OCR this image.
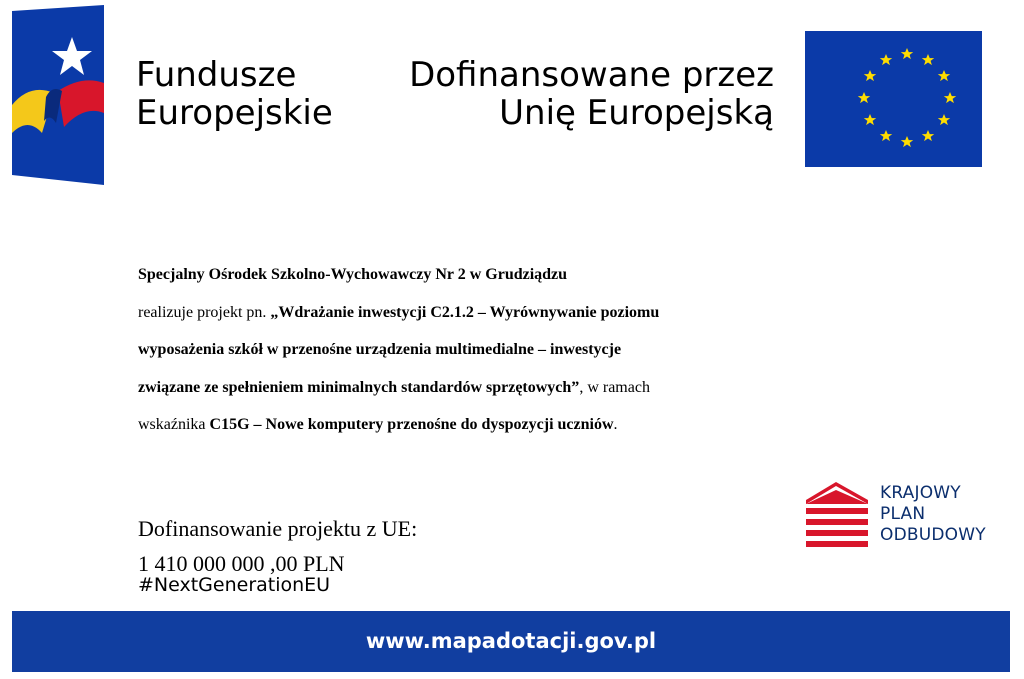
Fundusze
Europejskie
Dofinansowane przez
Unię Europejską
Specjalny Ośrodek Szkolno-Wychowawczy Nr 2 w Grudziądzu
realizuje projekt pn. „Wdrażanie inwestycji C2.1.2 – Wyrównywanie poziomu
wyposażenia szkół w przenośne urządzenia multimedialne – inwestycje
związane ze spełnieniem minimalnych standardów sprzętowych”, w ramach
wskaźnika C15G – Nowe komputery przenośne do dyspozycji uczniów.
KRAJOWY
PLAN
ODBUDOWY
Dofinansowanie projektu z UE:
1 410 000 000 ,00 PLN
#NextGenerationEU
www.mapadotacji.gov.pl
